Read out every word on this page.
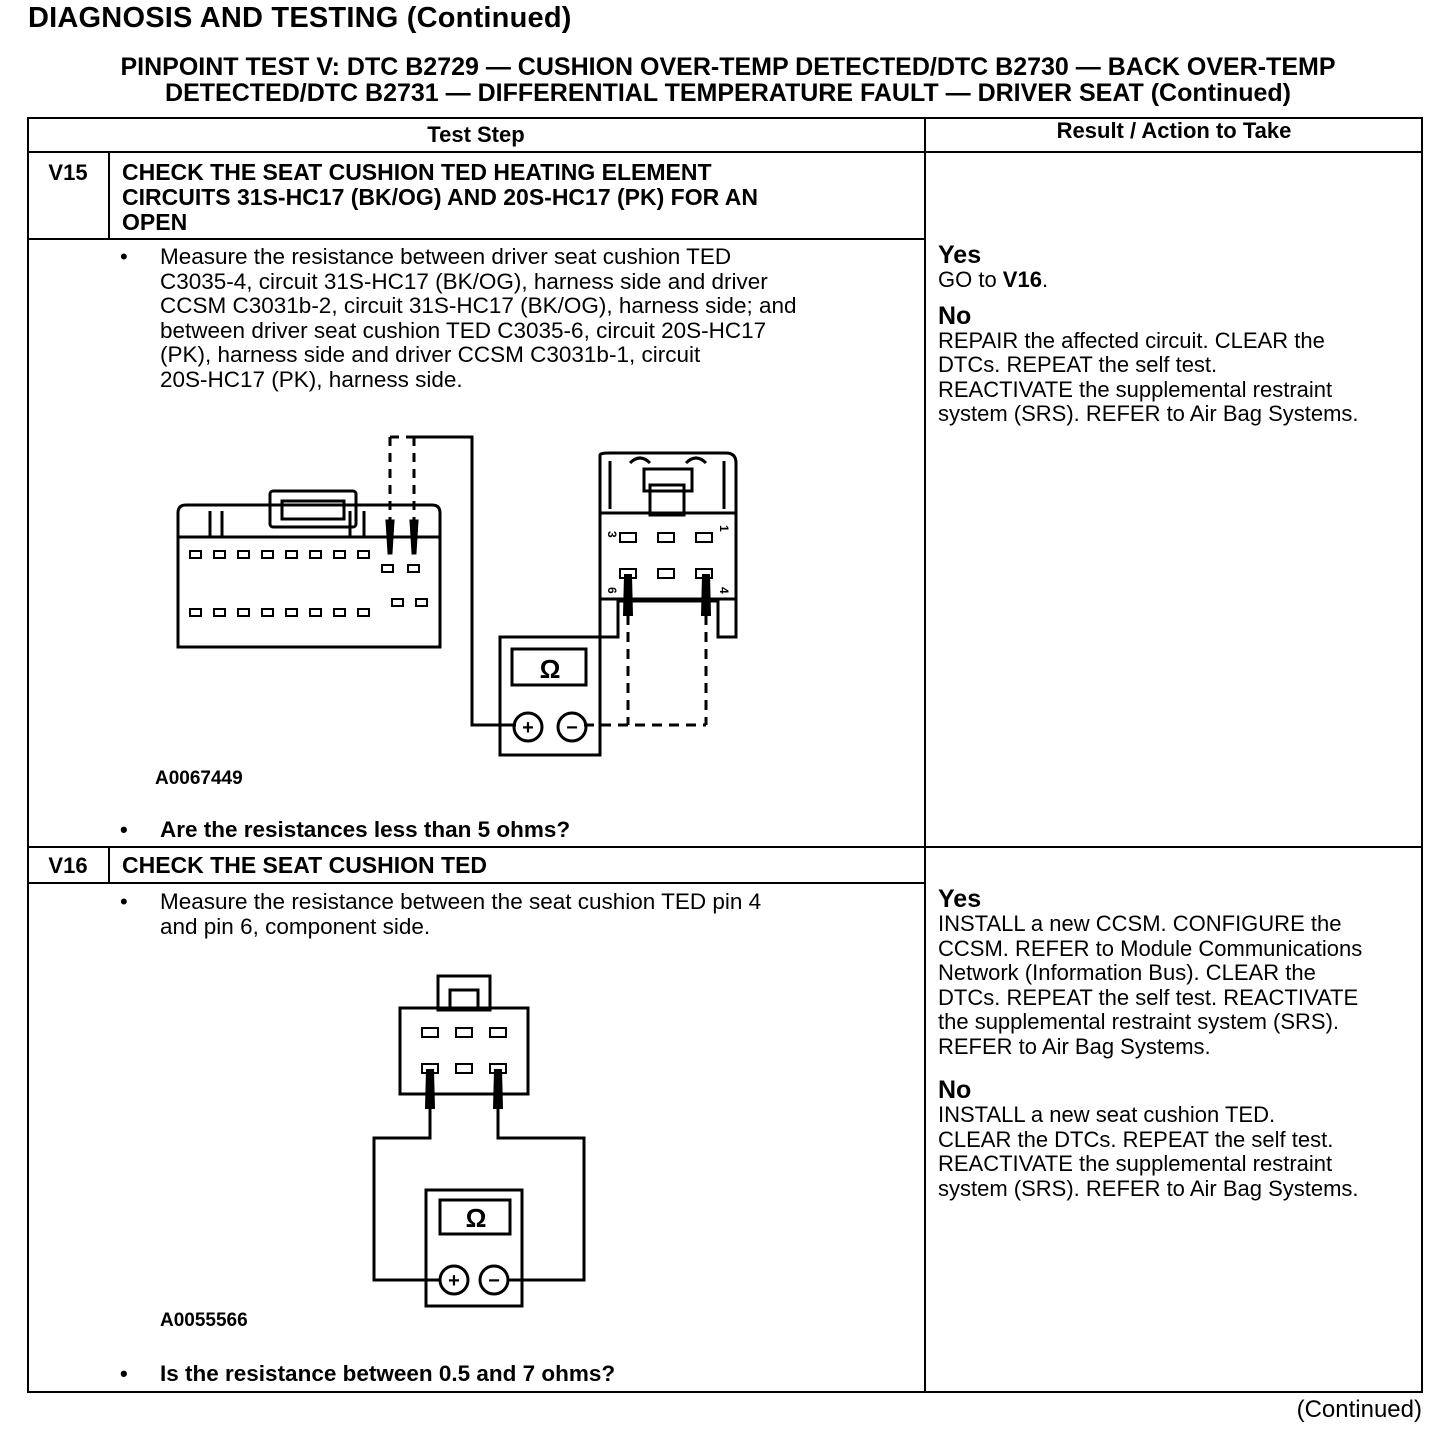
DIAGNOSIS AND TESTING (Continued)
PINPOINT TEST V: DTC B2729 — CUSHION OVER-TEMP DETECTED/DTC B2730 — BACK OVER-TEMP
DETECTED/DTC B2731 — DIFFERENTIAL TEMPERATURE FAULT — DRIVER SEAT (Continued)
Test Step	Result / Action to Take
V15	CHECK THE SEAT CUSHION TED HEATING ELEMENT
CIRCUITS 31S-HC17 (BK/OG) AND 20S-HC17 (PK) FOR AN
OPEN
• Measure the resistance between driver seat cushion TED
C3035-4, circuit 31S-HC17 (BK/OG), harness side and driver
CCSM C3031b-2, circuit 31S-HC17 (BK/OG), harness side; and
between driver seat cushion TED C3035-6, circuit 20S-HC17
(PK), harness side and driver CCSM C3031b-1, circuit
20S-HC17 (PK), harness side.
3
1
6	4
Ω
+ −
A0067449
• Are the resistances less than 5 ohms?
Yes
GO to V16.
No
REPAIR the affected circuit. CLEAR the
DTCs. REPEAT the self test.
REACTIVATE the supplemental restraint
system (SRS). REFER to Air Bag Systems.
V16	CHECK THE SEAT CUSHION TED
• Measure the resistance between the seat cushion TED pin 4
and pin 6, component side.
Ω
+ −
A0055566
• Is the resistance between 0.5 and 7 ohms?
Yes
INSTALL a new CCSM. CONFIGURE the
CCSM. REFER to Module Communications
Network (Information Bus). CLEAR the
DTCs. REPEAT the self test. REACTIVATE
the supplemental restraint system (SRS).
REFER to Air Bag Systems.
No
INSTALL a new seat cushion TED.
CLEAR the DTCs. REPEAT the self test.
REACTIVATE the supplemental restraint
system (SRS). REFER to Air Bag Systems.
(Continued)
